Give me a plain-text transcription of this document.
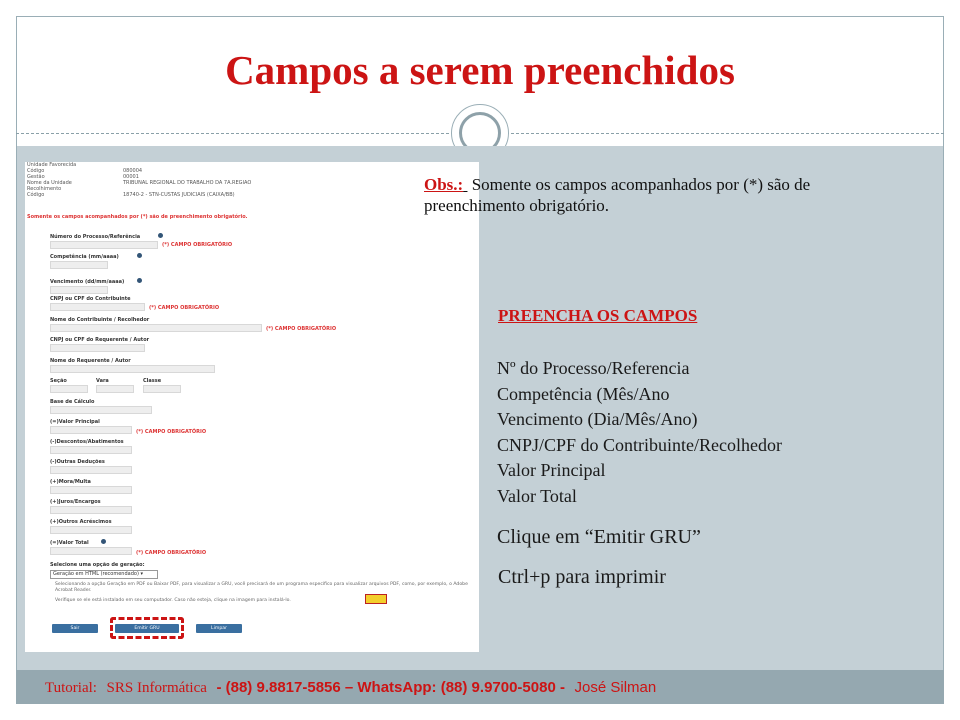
Campos a serem preenchidos
Unidade Favorecida
Código	080004
Gestão	00001
Nome da Unidade	TRIBUNAL REGIONAL DO TRABALHO DA 7A.REGIAO
Recolhimento
Código	18740-2 - STN-CUSTAS JUDICIAIS (CAIXA/BB)
Somente os campos acompanhados por (*) são de preenchimento obrigatório.
Número do Processo/Referência
(*) CAMPO OBRIGATÓRIO
Competência (mm/aaaa)
Vencimento (dd/mm/aaaa)
CNPJ ou CPF do Contribuinte
(*) CAMPO OBRIGATÓRIO
Nome do Contribuinte / Recolhedor
(*) CAMPO OBRIGATÓRIO
CNPJ ou CPF do Requerente / Autor
Nome do Requerente / Autor
Seção	Vara	Classe
Base de Cálculo
(=)Valor Principal
(*) CAMPO OBRIGATÓRIO
(-)Descontos/Abatimentos
(-)Outras Deduções
(+)Mora/Multa
(+)Juros/Encargos
(+)Outros Acréscimos
(=)Valor Total
(*) CAMPO OBRIGATÓRIO
Selecione uma opção de geração:
Geração em HTML (recomendado) ▾
Selecionando a opção Geração em PDF ou Baixar PDF, para visualizar a GRU, você precisará de um programa específico para visualizar arquivos PDF, como, por exemplo, o Adobe Acrobat Reader.
Verifique se ele está instalado em seu computador. Caso não esteja, clique na imagem para instalá-lo.
Sair	Emitir GRU	Limpar
Obs.: Somente os campos acompanhados por (*) são de preenchimento obrigatório.
PREENCHA OS CAMPOS
Nº do Processo/Referencia
Competência (Mês/Ano
Vencimento (Dia/Mês/Ano)
CNPJ/CPF do Contribuinte/Recolhedor
Valor Principal
Valor Total
Clique em “Emitir GRU”
Ctrl+p para imprimir
Tutorial: SRS Informática - (88) 9.8817-5856 – WhatsApp: (88) 9.9700-5080 - José Silman
